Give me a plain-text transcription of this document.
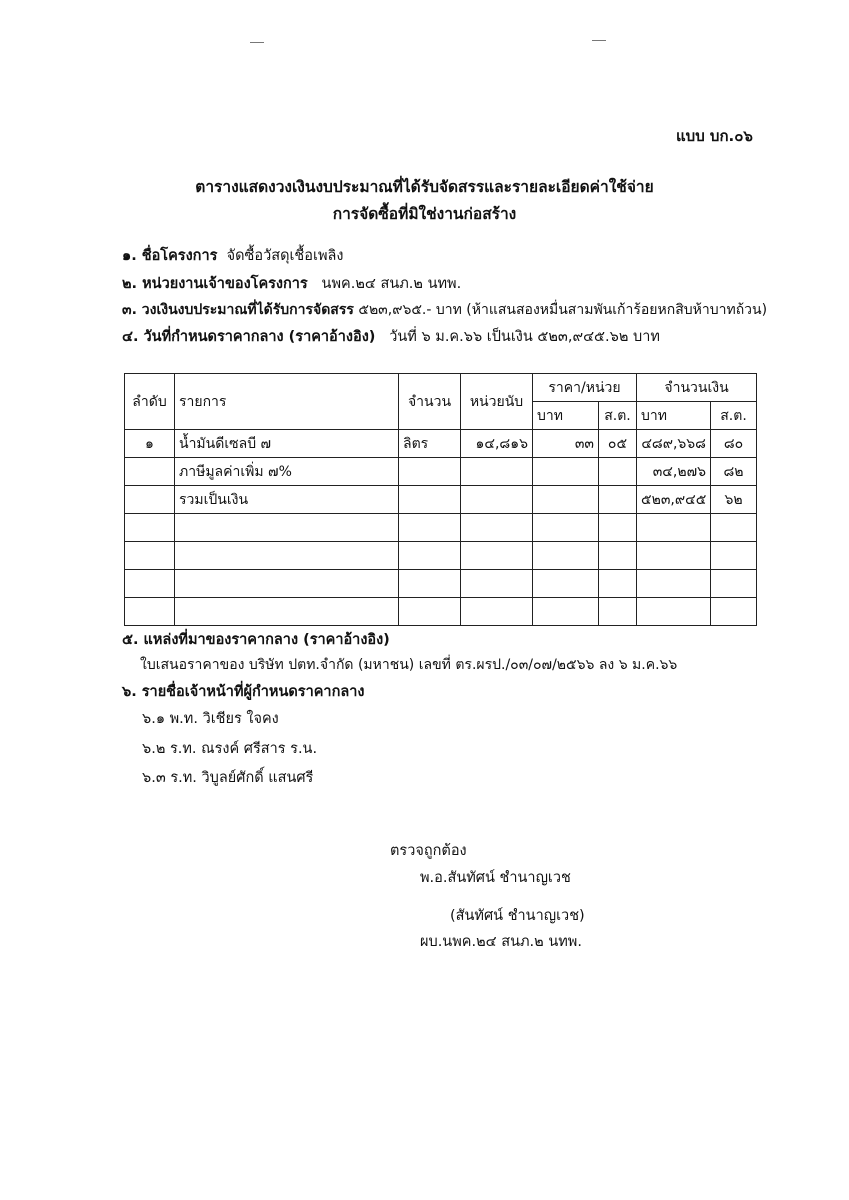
แบบ บก.๐๖
ตารางแสดงวงเงินงบประมาณที่ได้รับจัดสรรและรายละเอียดค่าใช้จ่าย
การจัดซื้อที่มิใช่งานก่อสร้าง
๑. ชื่อโครงการ จัดซื้อวัสดุเชื้อเพลิง
๒. หน่วยงานเจ้าของโครงการ นพค.๒๔ สนภ.๒ นทพ.
๓. วงเงินงบประมาณที่ได้รับการจัดสรร ๕๒๓,๙๖๕.- บาท (ห้าแสนสองหมื่นสามพันเก้าร้อยหกสิบห้าบาทถ้วน)
๔. วันที่กำหนดราคากลาง (ราคาอ้างอิง) วันที่ ๖ ม.ค.๖๖ เป็นเงิน ๕๒๓,๙๔๕.๖๒ บาท
ลำดับ	รายการ	จำนวน	หน่วยนับ	ราคา/หน่วย		จำนวนเงิน	
				บาท	ส.ต.	บาท	ส.ต.
๑	น้ำมันดีเซลบี ๗	ลิตร	๑๔,๘๑๖	๓๓	๐๕	๔๘๙,๖๖๘	๘๐
	ภาษีมูลค่าเพิ่ม ๗%					๓๔,๒๗๖	๘๒
	รวมเป็นเงิน					๕๒๓,๙๔๕	๖๒

๕. แหล่งที่มาของราคากลาง (ราคาอ้างอิง)
ใบเสนอราคาของ บริษัท ปตท.จำกัด (มหาชน) เลขที่ ตร.ผรป./๐๓/๐๗/๒๕๖๖ ลง ๖ ม.ค.๖๖
๖. รายชื่อเจ้าหน้าที่ผู้กำหนดราคากลาง
๖.๑ พ.ท. วิเชียร ใจคง
๖.๒ ร.ท. ณรงค์ ศรีสาร ร.น.
๖.๓ ร.ท. วิบูลย์ศักดิ์ แสนศรี
ตรวจถูกต้อง
พ.อ.สันทัศน์ ชำนาญเวช
(สันทัศน์ ชำนาญเวช)
ผบ.นพค.๒๔ สนภ.๒ นทพ.
